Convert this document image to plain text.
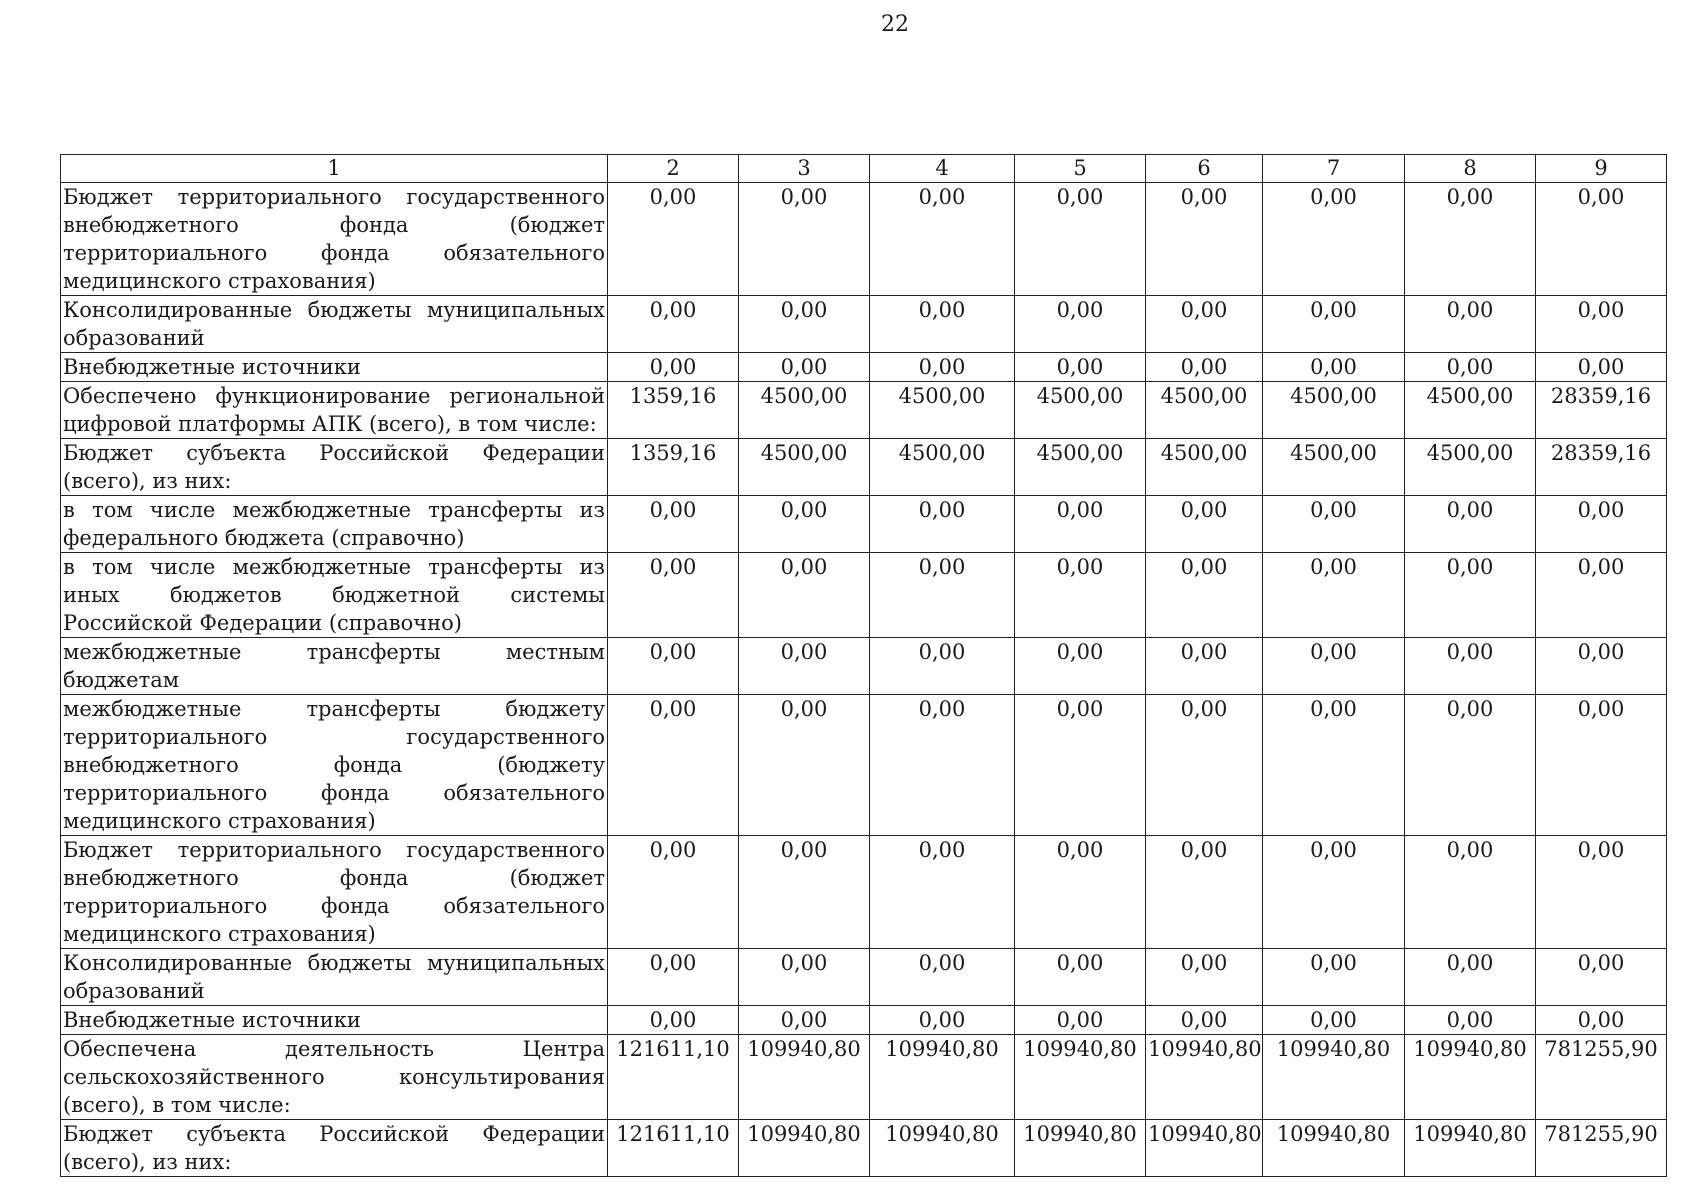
22
1	2	3	4	5	6	7	8	9
Бюджет территориального государственного внебюджетного фонда (бюджет территориального фонда обязательного медицинского страхования)	0,00	0,00	0,00	0,00	0,00	0,00	0,00	0,00
Консолидированные бюджеты муниципальных образований	0,00	0,00	0,00	0,00	0,00	0,00	0,00	0,00
Внебюджетные источники	0,00	0,00	0,00	0,00	0,00	0,00	0,00	0,00
Обеспечено функционирование региональной цифровой платформы АПК (всего), в том числе:	1359,16	4500,00	4500,00	4500,00	4500,00	4500,00	4500,00	28359,16
Бюджет субъекта Российской Федерации (всего), из них:	1359,16	4500,00	4500,00	4500,00	4500,00	4500,00	4500,00	28359,16
в том числе межбюджетные трансферты из федерального бюджета (справочно)	0,00	0,00	0,00	0,00	0,00	0,00	0,00	0,00
в том числе межбюджетные трансферты из иных бюджетов бюджетной системы Российской Федерации (справочно)	0,00	0,00	0,00	0,00	0,00	0,00	0,00	0,00
межбюджетные трансферты местным бюджетам	0,00	0,00	0,00	0,00	0,00	0,00	0,00	0,00
межбюджетные трансферты бюджету территориального государственного внебюджетного фонда (бюджету территориального фонда обязательного медицинского страхования)	0,00	0,00	0,00	0,00	0,00	0,00	0,00	0,00
Бюджет территориального государственного внебюджетного фонда (бюджет территориального фонда обязательного медицинского страхования)	0,00	0,00	0,00	0,00	0,00	0,00	0,00	0,00
Консолидированные бюджеты муниципальных образований	0,00	0,00	0,00	0,00	0,00	0,00	0,00	0,00
Внебюджетные источники	0,00	0,00	0,00	0,00	0,00	0,00	0,00	0,00
Обеспечена деятельность Центра сельскохозяйственного консультирования (всего), в том числе:	121611,10	109940,80	109940,80	109940,80	109940,80	109940,80	109940,80	781255,90
Бюджет субъекта Российской Федерации (всего), из них:	121611,10	109940,80	109940,80	109940,80	109940,80	109940,80	109940,80	781255,90
